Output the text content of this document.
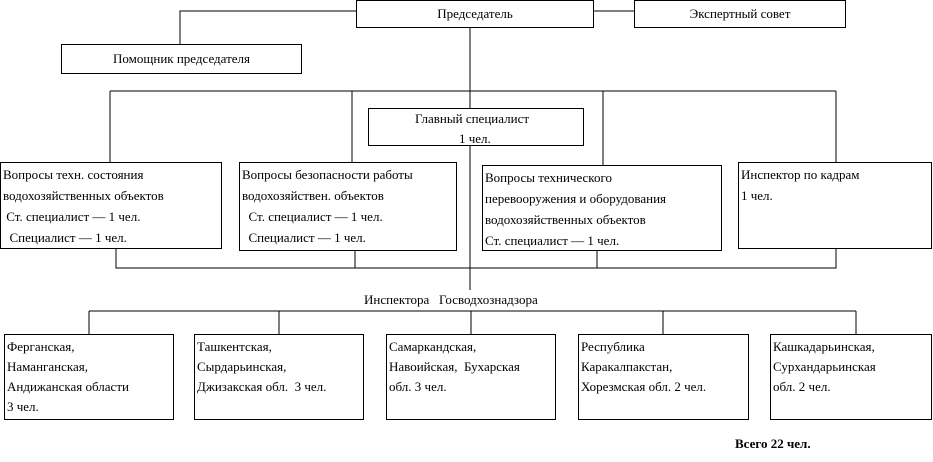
Председатель	Экспертный совет
Помощник председателя
Главный специалист
1 чел.
Вопросы техн. состояния
водохозяйственных объектов
Ст. специалист — 1 чел.
Специалист — 1 чел.
Вопросы безопасности работы
водохозяйствен. объектов
Ст. специалист — 1 чел.
Специалист — 1 чел.
Вопросы технического
перевооружения и оборудования
водохозяйственных объектов
Ст. специалист — 1 чел.
Инспектор по кадрам
1 чел.
Инспектора   Госводхознадзора
Ферганская,
Наманганская,
Андижанская области
3 чел.
Ташкентская,
Сырдарьинская,
Джизакская обл.  3 чел.
Самаркандская,
Навоийская,  Бухарская
обл. 3 чел.
Республика
Каракалпакстан,
Хорезмская обл. 2 чел.
Кашкадарьинская,
Сурхандарьинская
обл. 2 чел.
Всего 22 чел.
